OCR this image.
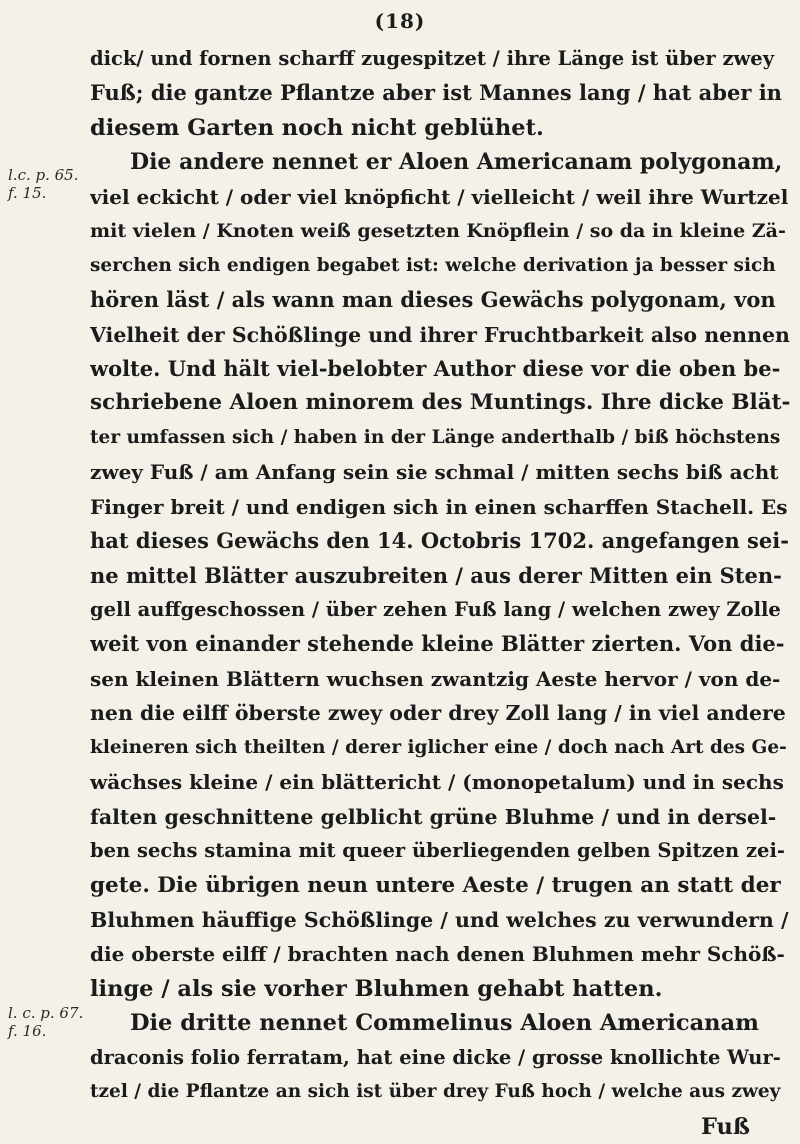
(18)
l.c. p. 65.
f. 15.
l. c. p. 67.
f. 16.
dick/ und fornen scharff zugespitzet / ihre Länge ist über zwey
Fuß; die gantze Pflantze aber ist Mannes lang / hat aber in
diesem Garten noch nicht geblühet.
Die andere nennet er Aloen Americanam polygonam,
viel eckicht / oder viel knöpficht / vielleicht / weil ihre Wurtzel
mit vielen / Knoten weiß gesetzten Knöpflein / so da in kleine Zä-
serchen sich endigen begabet ist: welche derivation ja besser sich
hören läst / als wann man dieses Gewächs polygonam, von
Vielheit der Schößlinge und ihrer Fruchtbarkeit also nennen
wolte. Und hält viel-belobter Author diese vor die oben be-
schriebene Aloen minorem des Muntings. Ihre dicke Blät-
ter umfassen sich / haben in der Länge anderthalb / biß höchstens
zwey Fuß / am Anfang sein sie schmal / mitten sechs biß acht
Finger breit / und endigen sich in einen scharffen Stachell. Es
hat dieses Gewächs den 14. Octobris 1702. angefangen sei-
ne mittel Blätter auszubreiten / aus derer Mitten ein Sten-
gell auffgeschossen / über zehen Fuß lang / welchen zwey Zolle
weit von einander stehende kleine Blätter zierten. Von die-
sen kleinen Blättern wuchsen zwantzig Aeste hervor / von de-
nen die eilff öberste zwey oder drey Zoll lang / in viel andere
kleineren sich theilten / derer iglicher eine / doch nach Art des Ge-
wächses kleine / ein blättericht / (monopetalum) und in sechs
falten geschnittene gelblicht grüne Bluhme / und in dersel-
ben sechs stamina mit queer überliegenden gelben Spitzen zei-
gete. Die übrigen neun untere Aeste / trugen an statt der
Bluhmen häuffige Schößlinge / und welches zu verwundern /
die oberste eilff / brachten nach denen Bluhmen mehr Schöß-
linge / als sie vorher Bluhmen gehabt hatten.
Die dritte nennet Commelinus Aloen Americanam
draconis folio ferratam, hat eine dicke / grosse knollichte Wur-
tzel / die Pflantze an sich ist über drey Fuß hoch / welche aus zwey
Fuß
